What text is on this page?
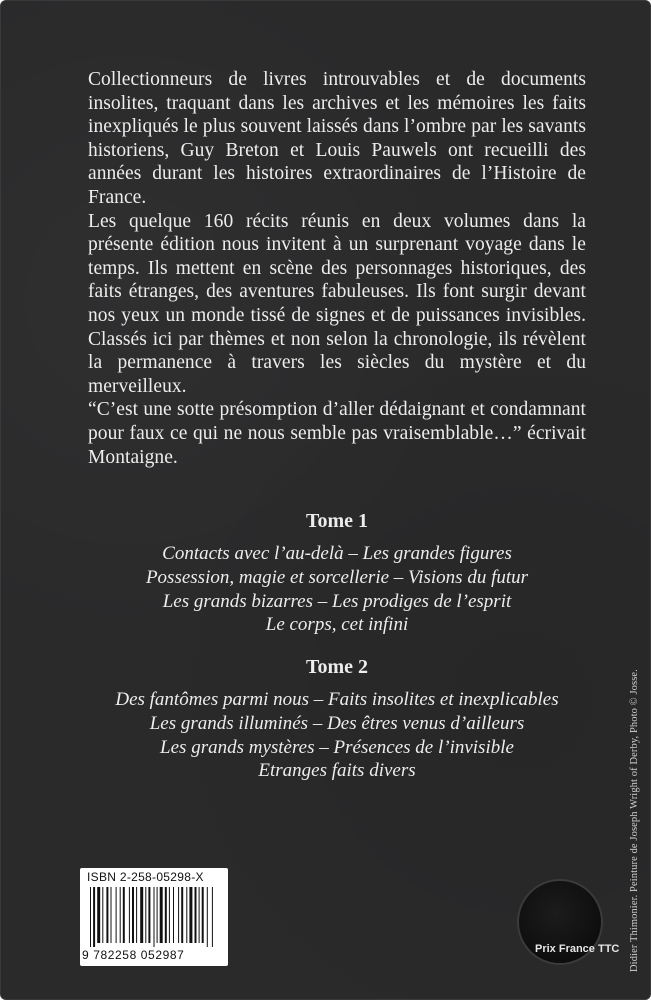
Collectionneurs de livres introuvables et de documents insolites, traquant dans les archives et les mémoires les faits inexpliqués le plus souvent laissés dans l’ombre par les savants historiens, Guy Breton et Louis Pauwels ont recueilli des années durant les histoires extraordinaires de l’Histoire de France.

Les quelque 160 récits réunis en deux volumes dans la présente édition nous invitent à un surprenant voyage dans le temps. Ils mettent en scène des personnages historiques, des faits étranges, des aventures fabuleuses. Ils font surgir devant nos yeux un monde tissé de signes et de puissances invisibles. Classés ici par thèmes et non selon la chronologie, ils révèlent la permanence à travers les siècles du mystère et du merveilleux.

“C’est une sotte présomption d’aller dédaignant et condamnant pour faux ce qui ne nous semble pas vraisemblable…” écrivait Montaigne.

Tome 1
Contacts avec l’au-delà – Les grandes figures
Possession, magie et sorcellerie – Visions du futur
Les grands bizarres – Les prodiges de l’esprit
Le corps, cet infini
Tome 2
Des fantômes parmi nous – Faits insolites et inexplicables
Les grands illuminés – Des êtres venus d’ailleurs
Les grands mystères – Présences de l’invisible
Etranges faits divers
ISBN 2-258-05298-X
9 782258 052987	Prix France TTC Didier Thimonier. Peinture de Joseph Wright of Derby, Photo © Josse.
